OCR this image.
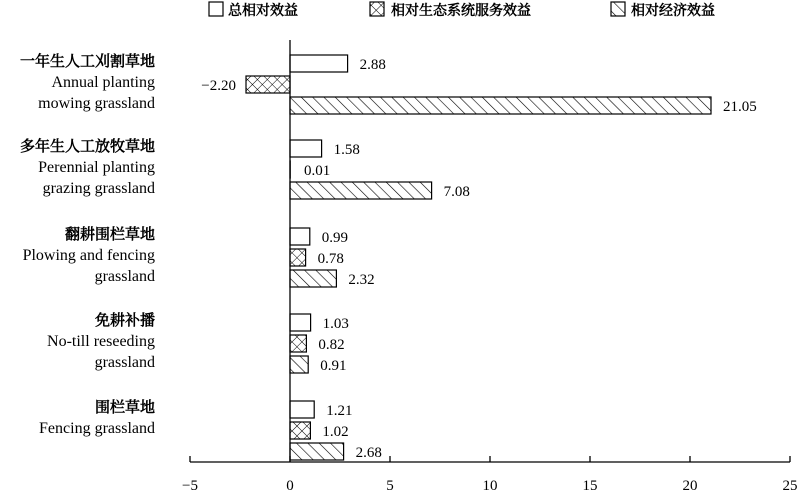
总相对效益	相对生态系统服务效益	相对经济效益
一年生人工刈割草地
Annual planting
mowing grassland
多年生人工放牧草地
Perennial planting
grazing grassland
翻耕围栏草地
Plowing and fencing
grassland
免耕补播
No-till reseeding
grassland
围栏草地
Fencing grassland
2.88
−2.20
21.05
1.58
0.01
7.08
0.99
0.78
2.32
1.03
0.82
0.91
1.21
1.02
2.68
−5	0	5	10	15	20	25
